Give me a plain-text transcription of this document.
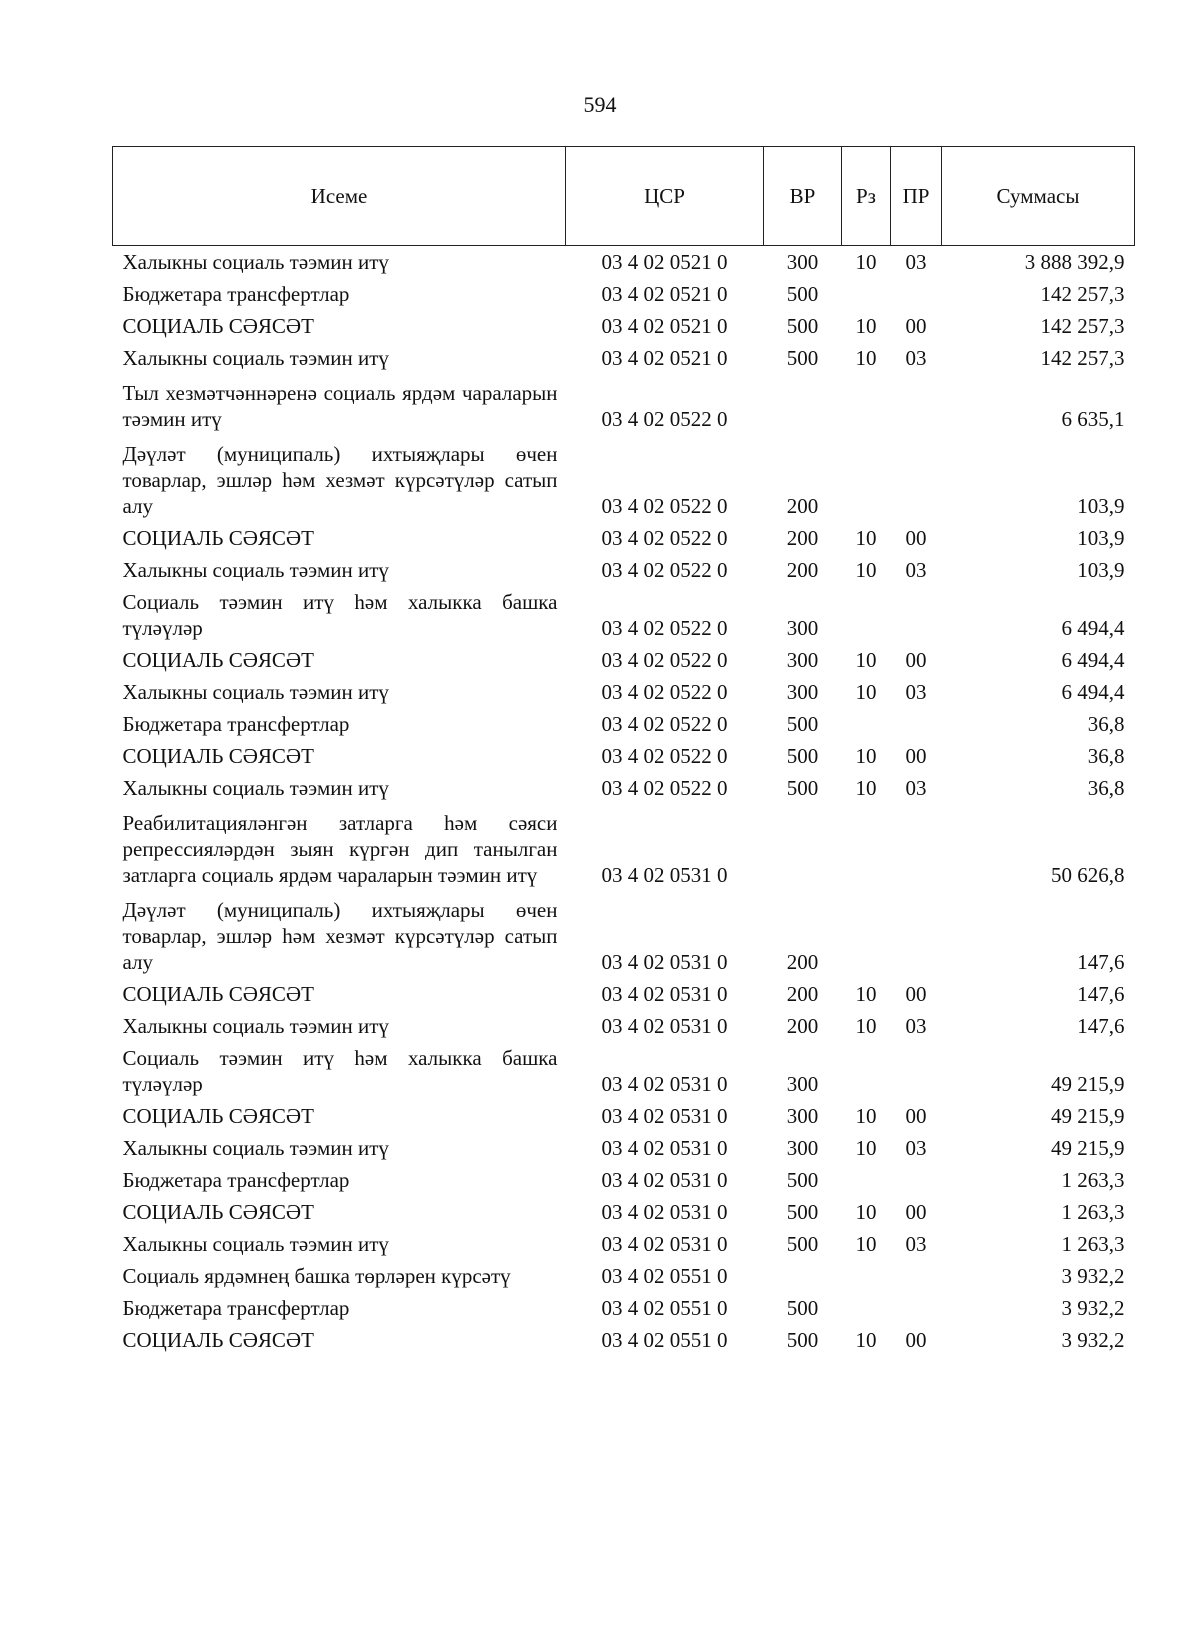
594
Исеме	ЦСР	ВР	Рз	ПР	Суммасы
Халыкны социаль тәэмин итү	03 4 02 0521 0	300	10	03	3 888 392,9
Бюджетара трансфертлар	03 4 02 0521 0	500			142 257,3
СОЦИАЛЬ СӘЯСӘТ	03 4 02 0521 0	500	10	00	142 257,3
Халыкны социаль тәэмин итү	03 4 02 0521 0	500	10	03	142 257,3
Тыл хезмәтчәннәренә социаль ярдәм чараларын тәэмин итү	03 4 02 0522 0				6 635,1
Дәүләт (муниципаль) ихтыяҗлары өчен товарлар, эшләр һәм хезмәт күрсәтүләр сатып алу	03 4 02 0522 0	200			103,9
СОЦИАЛЬ СӘЯСӘТ	03 4 02 0522 0	200	10	00	103,9
Халыкны социаль тәэмин итү	03 4 02 0522 0	200	10	03	103,9
Социаль тәэмин итү һәм халыкка башка түләүләр	03 4 02 0522 0	300			6 494,4
СОЦИАЛЬ СӘЯСӘТ	03 4 02 0522 0	300	10	00	6 494,4
Халыкны социаль тәэмин итү	03 4 02 0522 0	300	10	03	6 494,4
Бюджетара трансфертлар	03 4 02 0522 0	500			36,8
СОЦИАЛЬ СӘЯСӘТ	03 4 02 0522 0	500	10	00	36,8
Халыкны социаль тәэмин итү	03 4 02 0522 0	500	10	03	36,8
Реабилитацияләнгән затларга һәм сәяси репрессияләрдән зыян күргән дип танылган затларга социаль ярдәм чараларын тәэмин итү	03 4 02 0531 0				50 626,8
Дәүләт (муниципаль) ихтыяҗлары өчен товарлар, эшләр һәм хезмәт күрсәтүләр сатып алу	03 4 02 0531 0	200			147,6
СОЦИАЛЬ СӘЯСӘТ	03 4 02 0531 0	200	10	00	147,6
Халыкны социаль тәэмин итү	03 4 02 0531 0	200	10	03	147,6
Социаль тәэмин итү һәм халыкка башка түләүләр	03 4 02 0531 0	300			49 215,9
СОЦИАЛЬ СӘЯСӘТ	03 4 02 0531 0	300	10	00	49 215,9
Халыкны социаль тәэмин итү	03 4 02 0531 0	300	10	03	49 215,9
Бюджетара трансфертлар	03 4 02 0531 0	500			1 263,3
СОЦИАЛЬ СӘЯСӘТ	03 4 02 0531 0	500	10	00	1 263,3
Халыкны социаль тәэмин итү	03 4 02 0531 0	500	10	03	1 263,3
Социаль ярдәмнең башка төрләрен күрсәтү	03 4 02 0551 0				3 932,2
Бюджетара трансфертлар	03 4 02 0551 0	500			3 932,2
СОЦИАЛЬ СӘЯСӘТ	03 4 02 0551 0	500	10	00	3 932,2
